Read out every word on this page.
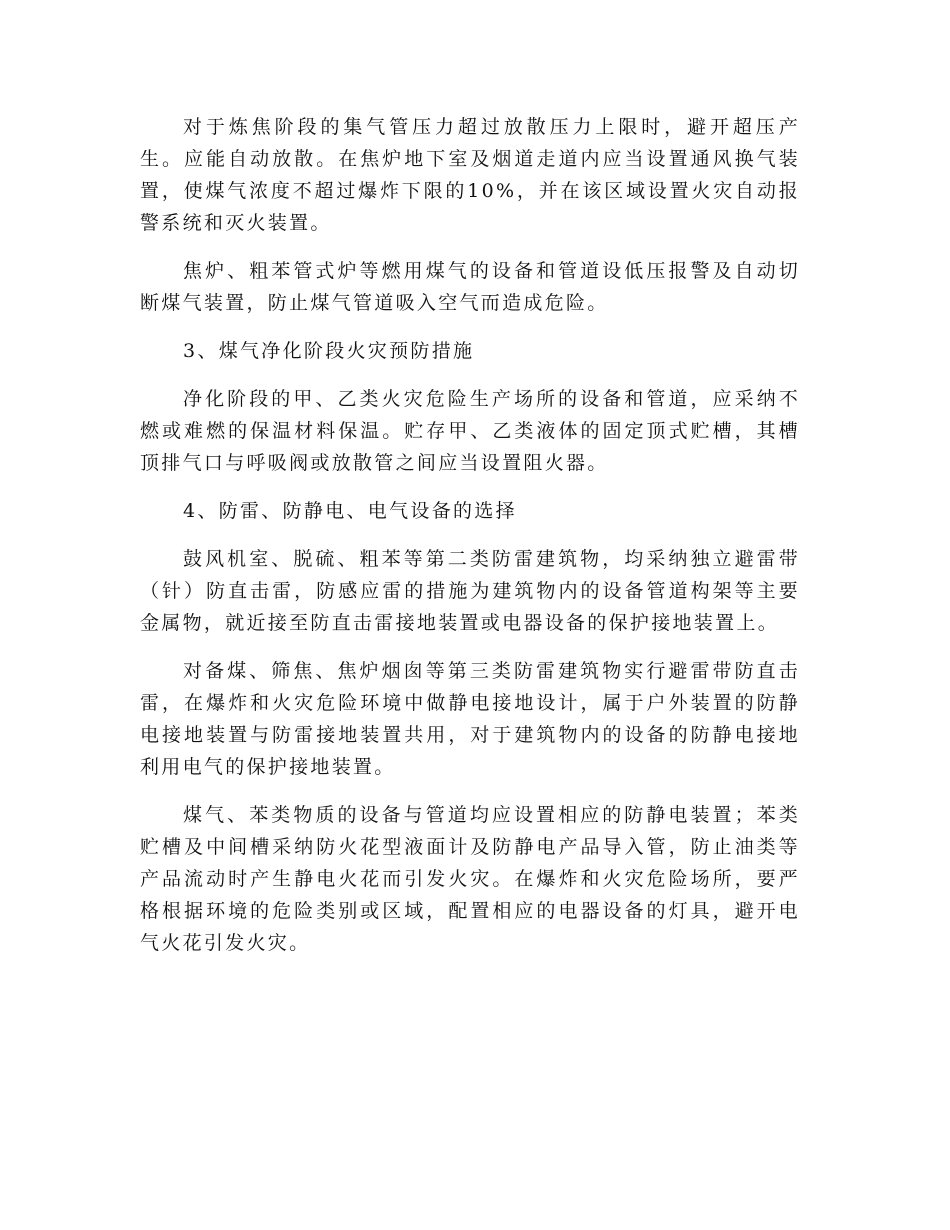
对于炼焦阶段的集气管压力超过放散压力上限时，避开超压产生。应能自动放散。在焦炉地下室及烟道走道内应当设置通风换气装置，使煤气浓度不超过爆炸下限的10%，并在该区域设置火灾自动报警系统和灭火装置。

焦炉、粗苯管式炉等燃用煤气的设备和管道设低压报警及自动切断煤气装置，防止煤气管道吸入空气而造成危险。

3、煤气净化阶段火灾预防措施

净化阶段的甲、乙类火灾危险生产场所的设备和管道，应采纳不燃或难燃的保温材料保温。贮存甲、乙类液体的固定顶式贮槽，其槽顶排气口与呼吸阀或放散管之间应当设置阻火器。

4、防雷、防静电、电气设备的选择

鼓风机室、脱硫、粗苯等第二类防雷建筑物，均采纳独立避雷带（针）防直击雷，防感应雷的措施为建筑物内的设备管道构架等主要金属物，就近接至防直击雷接地装置或电器设备的保护接地装置上。

对备煤、筛焦、焦炉烟囱等第三类防雷建筑物实行避雷带防直击雷，在爆炸和火灾危险环境中做静电接地设计，属于户外装置的防静电接地装置与防雷接地装置共用，对于建筑物内的设备的防静电接地利用电气的保护接地装置。

煤气、苯类物质的设备与管道均应设置相应的防静电装置；苯类贮槽及中间槽采纳防火花型液面计及防静电产品导入管，防止油类等产品流动时产生静电火花而引发火灾。在爆炸和火灾危险场所，要严格根据环境的危险类别或区域，配置相应的电器设备的灯具，避开电气火花引发火灾。
